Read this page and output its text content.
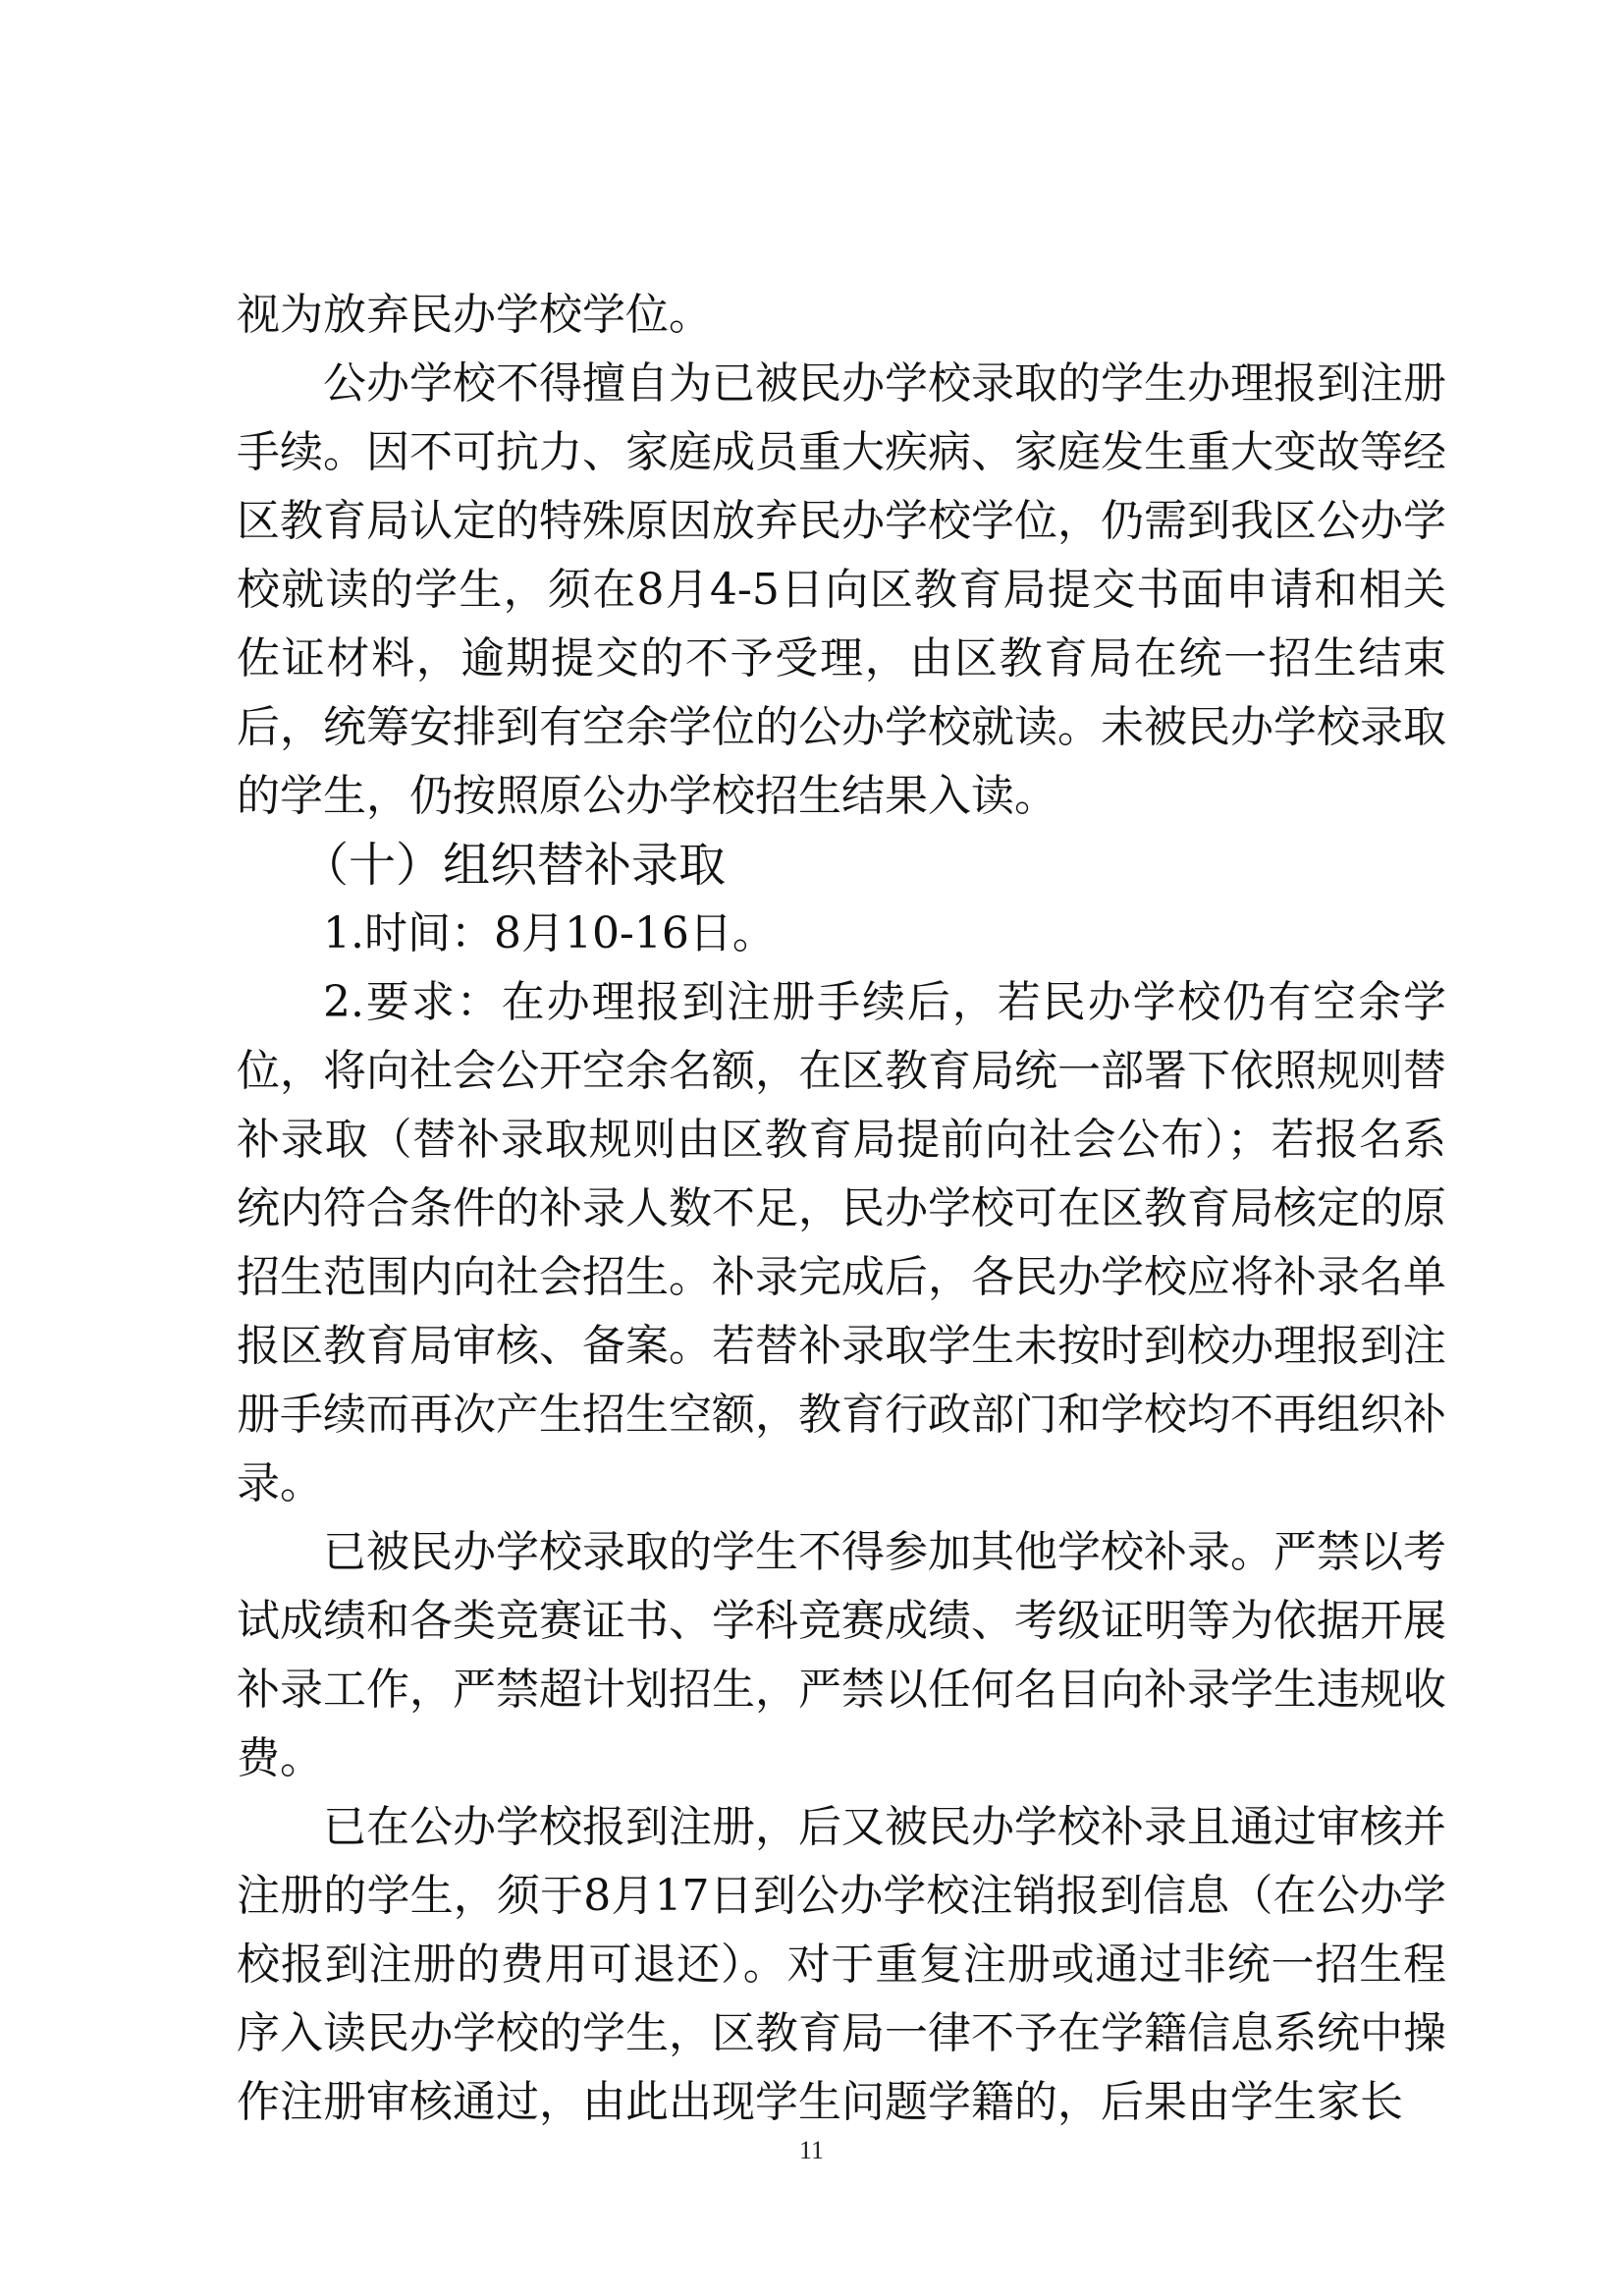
视为放弃民办学校学位。

公办学校不得擅自为已被民办学校录取的学生办理报到注册手续。因不可抗力、家庭成员重大疾病、家庭发生重大变故等经区教育局认定的特殊原因放弃民办学校学位，仍需到我区公办学校就读的学生，须在8月4-5日向区教育局提交书面申请和相关佐证材料，逾期提交的不予受理，由区教育局在统一招生结束后，统筹安排到有空余学位的公办学校就读。未被民办学校录取的学生，仍按照原公办学校招生结果入读。

（十）组织替补录取

1.时间：8月10-16日。

2.要求：在办理报到注册手续后，若民办学校仍有空余学位，将向社会公开空余名额，在区教育局统一部署下依照规则替补录取（替补录取规则由区教育局提前向社会公布）；若报名系统内符合条件的补录人数不足，民办学校可在区教育局核定的原招生范围内向社会招生。补录完成后，各民办学校应将补录名单报区教育局审核、备案。若替补录取学生未按时到校办理报到注册手续而再次产生招生空额，教育行政部门和学校均不再组织补录。

已被民办学校录取的学生不得参加其他学校补录。严禁以考试成绩和各类竞赛证书、学科竞赛成绩、考级证明等为依据开展补录工作，严禁超计划招生，严禁以任何名目向补录学生违规收费。

已在公办学校报到注册，后又被民办学校补录且通过审核并注册的学生，须于8月17日到公办学校注销报到信息（在公办学校报到注册的费用可退还）。对于重复注册或通过非统一招生程序入读民办学校的学生，区教育局一律不予在学籍信息系统中操作注册审核通过，由此出现学生问题学籍的，后果由学生家长

11
